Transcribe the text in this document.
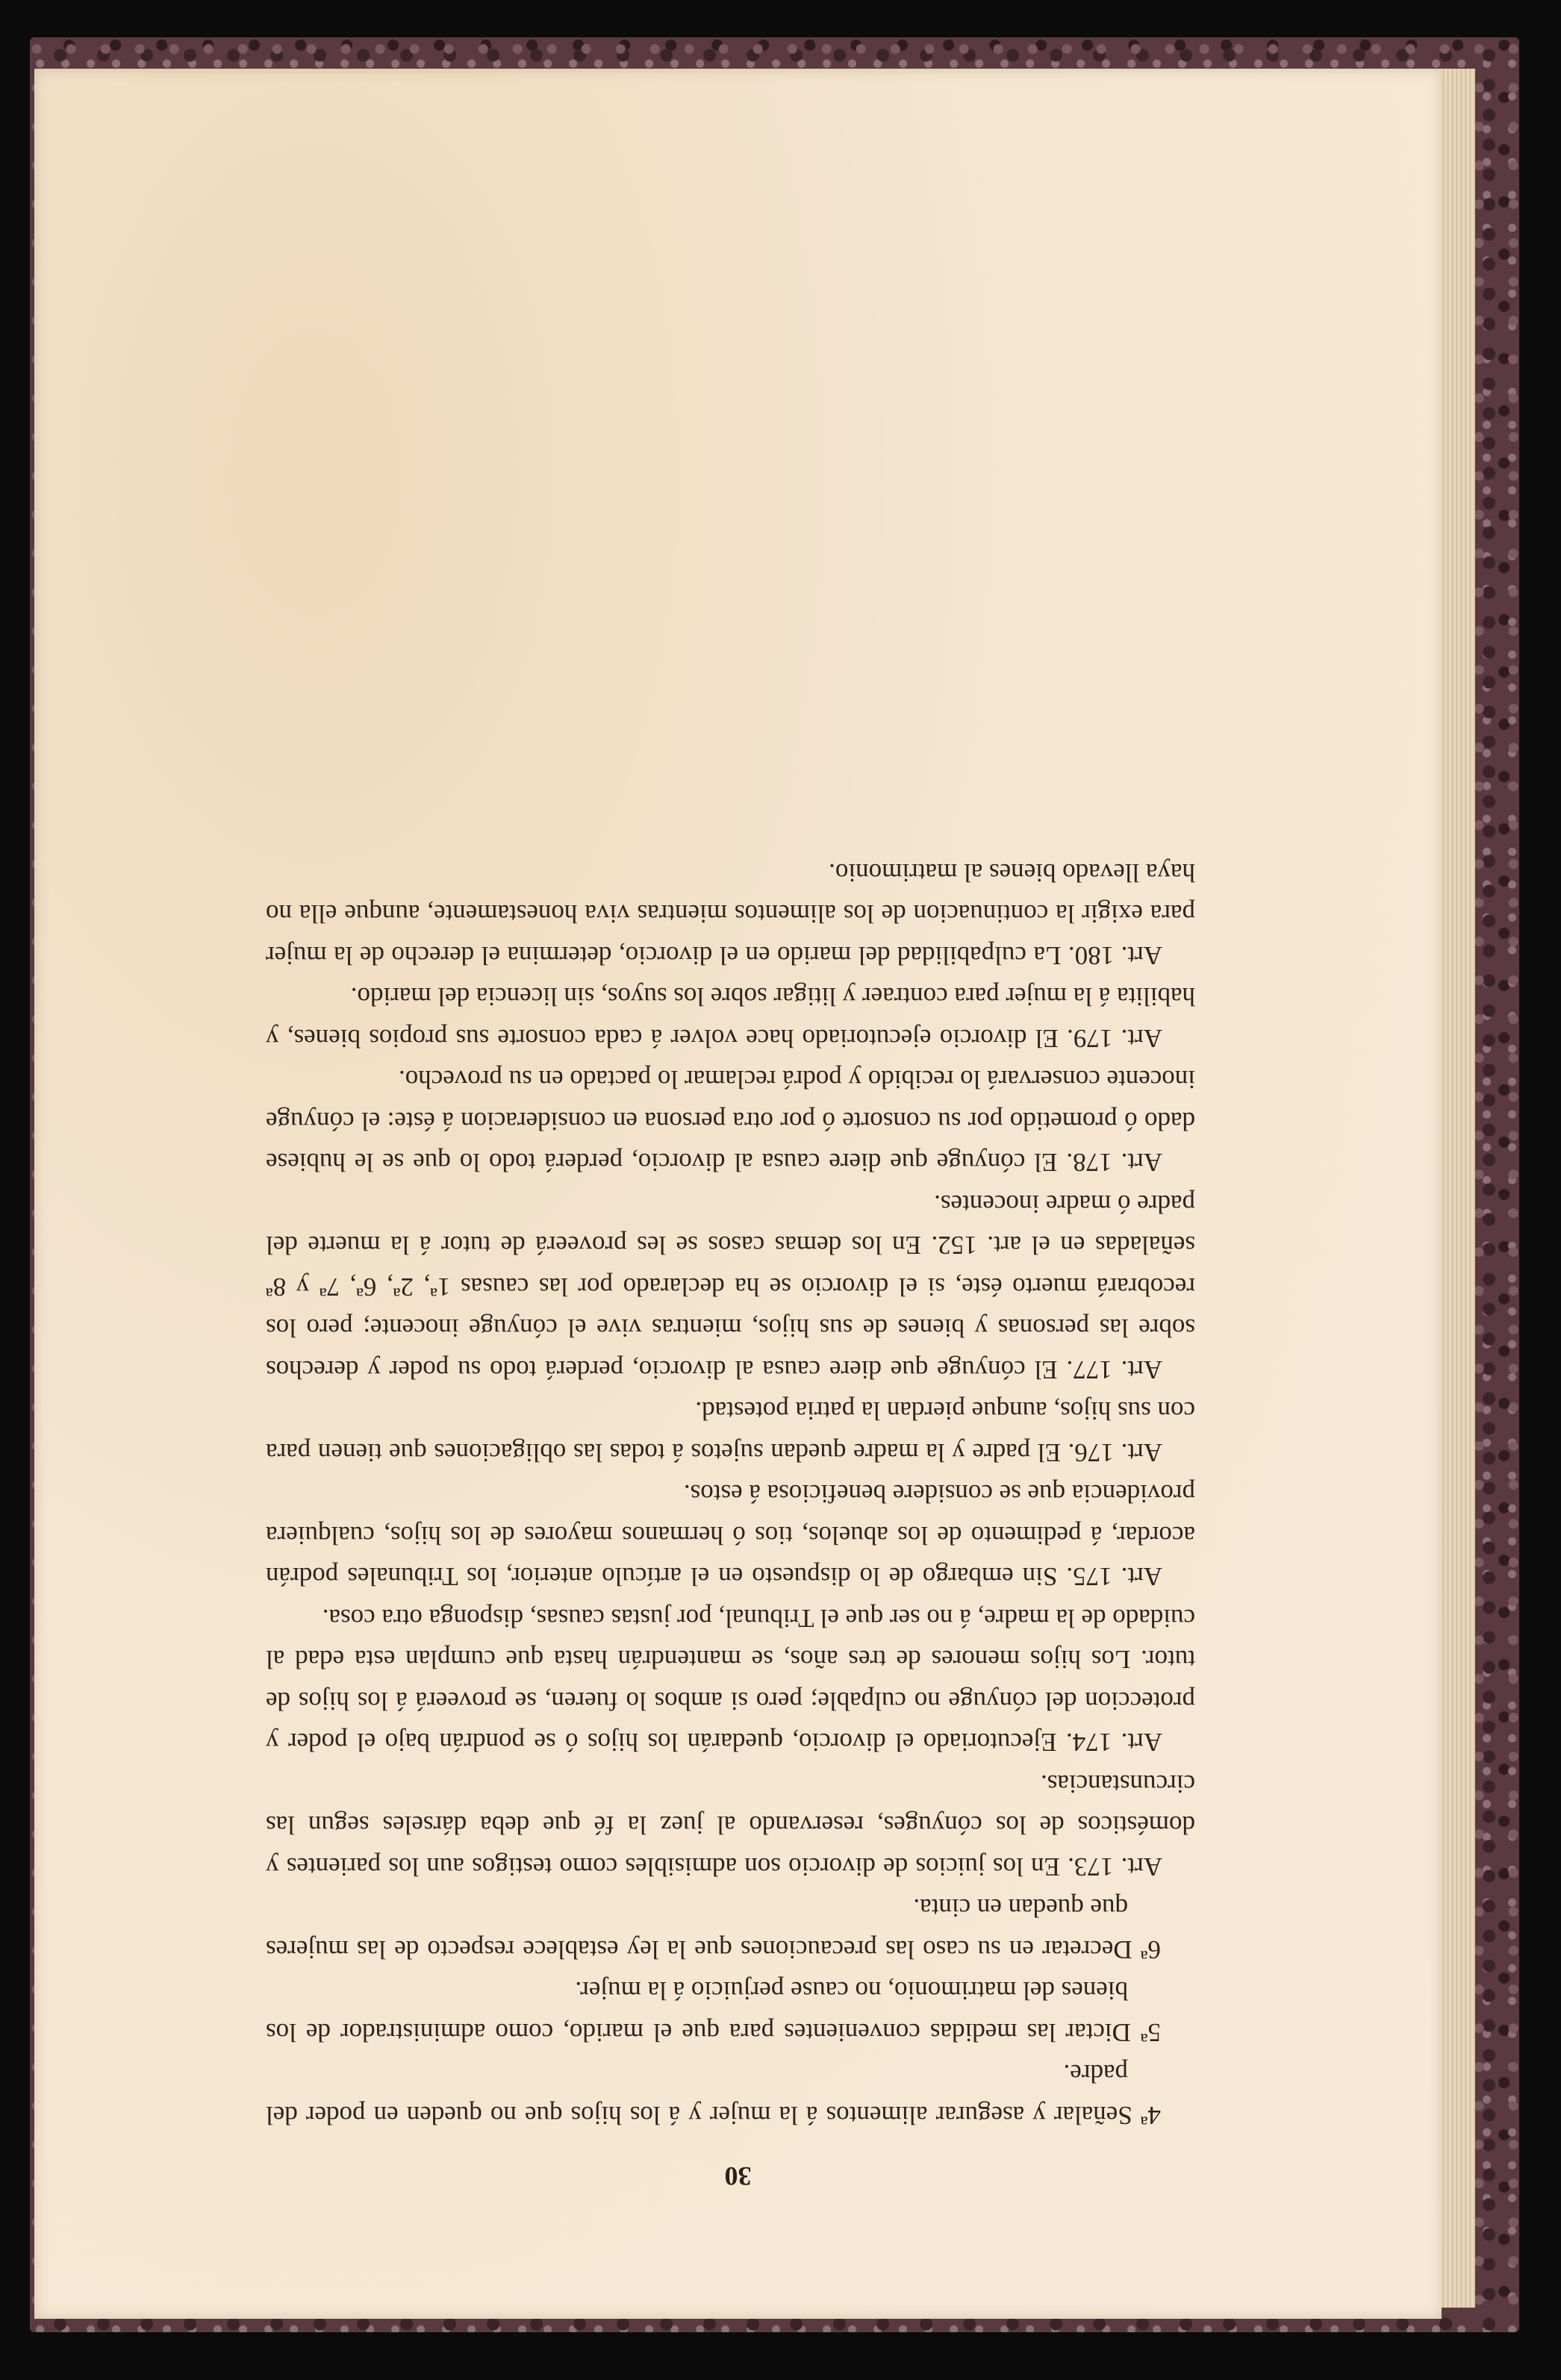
30

4ª Señalar y asegurar alimentos á la mujer y á los hijos que no queden en poder del padre.

5ª Dictar las medidas convenientes para que el marido, como administrador de los bienes del matrimonio, no cause perjuicio á la mujer.

6ª Decretar en su caso las precauciones que la ley establece respecto de las mujeres que quedan en cinta.

Art. 173. En los juicios de divorcio son admisibles como testigos aun los parientes y domésticos de los cónyuges, reservando al juez la fé que deba dárseles segun las circunstancias.

Art. 174. Ejecutoriado el divorcio, quedarán los hijos ó se pondrán bajo el poder y proteccion del cónyuge no culpable; pero si ambos lo fueren, se proveerá á los hijos de tutor. Los hijos menores de tres años, se mantendrán hasta que cumplan esta edad al cuidado de la madre, á no ser que el Tribunal, por justas causas, disponga otra cosa.

Art. 175. Sin embargo de lo dispuesto en el artículo anterior, los Tribunales podrán acordar, á pedimento de los abuelos, tios ó hermanos mayores de los hijos, cualquiera providencia que se considere beneficiosa á estos.

Art. 176. El padre y la madre quedan sujetos á todas las obligaciones que tienen para con sus hijos, aunque pierdan la patria potestad.

Art. 177. El cónyuge que diere causa al divorcio, perderá todo su poder y derechos sobre las personas y bienes de sus hijos, mientras vive el cónyuge inocente; pero los recobrará muerto éste, si el divorcio se ha declarado por las causas 1ª, 2ª, 6ª, 7ª y 8ª señaladas en el art. 152. En los demas casos se les proveerá de tutor á la muerte del padre ó madre inocentes.

Art. 178. El cónyuge que diere causa al divorcio, perderá todo lo que se le hubiese dado ó prometido por su consorte ó por otra persona en consideracion á éste: el cónyuge inocente conservará lo recibido y podrá reclamar lo pactado en su provecho.

Art. 179. El divorcio ejecutoriado hace volver á cada consorte sus propios bienes, y habilita á la mujer para contraer y litigar sobre los suyos, sin licencia del marido.

Art. 180. La culpabilidad del marido en el divorcio, determina el derecho de la mujer para exigir la continuacion de los alimentos mientras viva honestamente, aunque ella no haya llevado bienes al matrimonio.
